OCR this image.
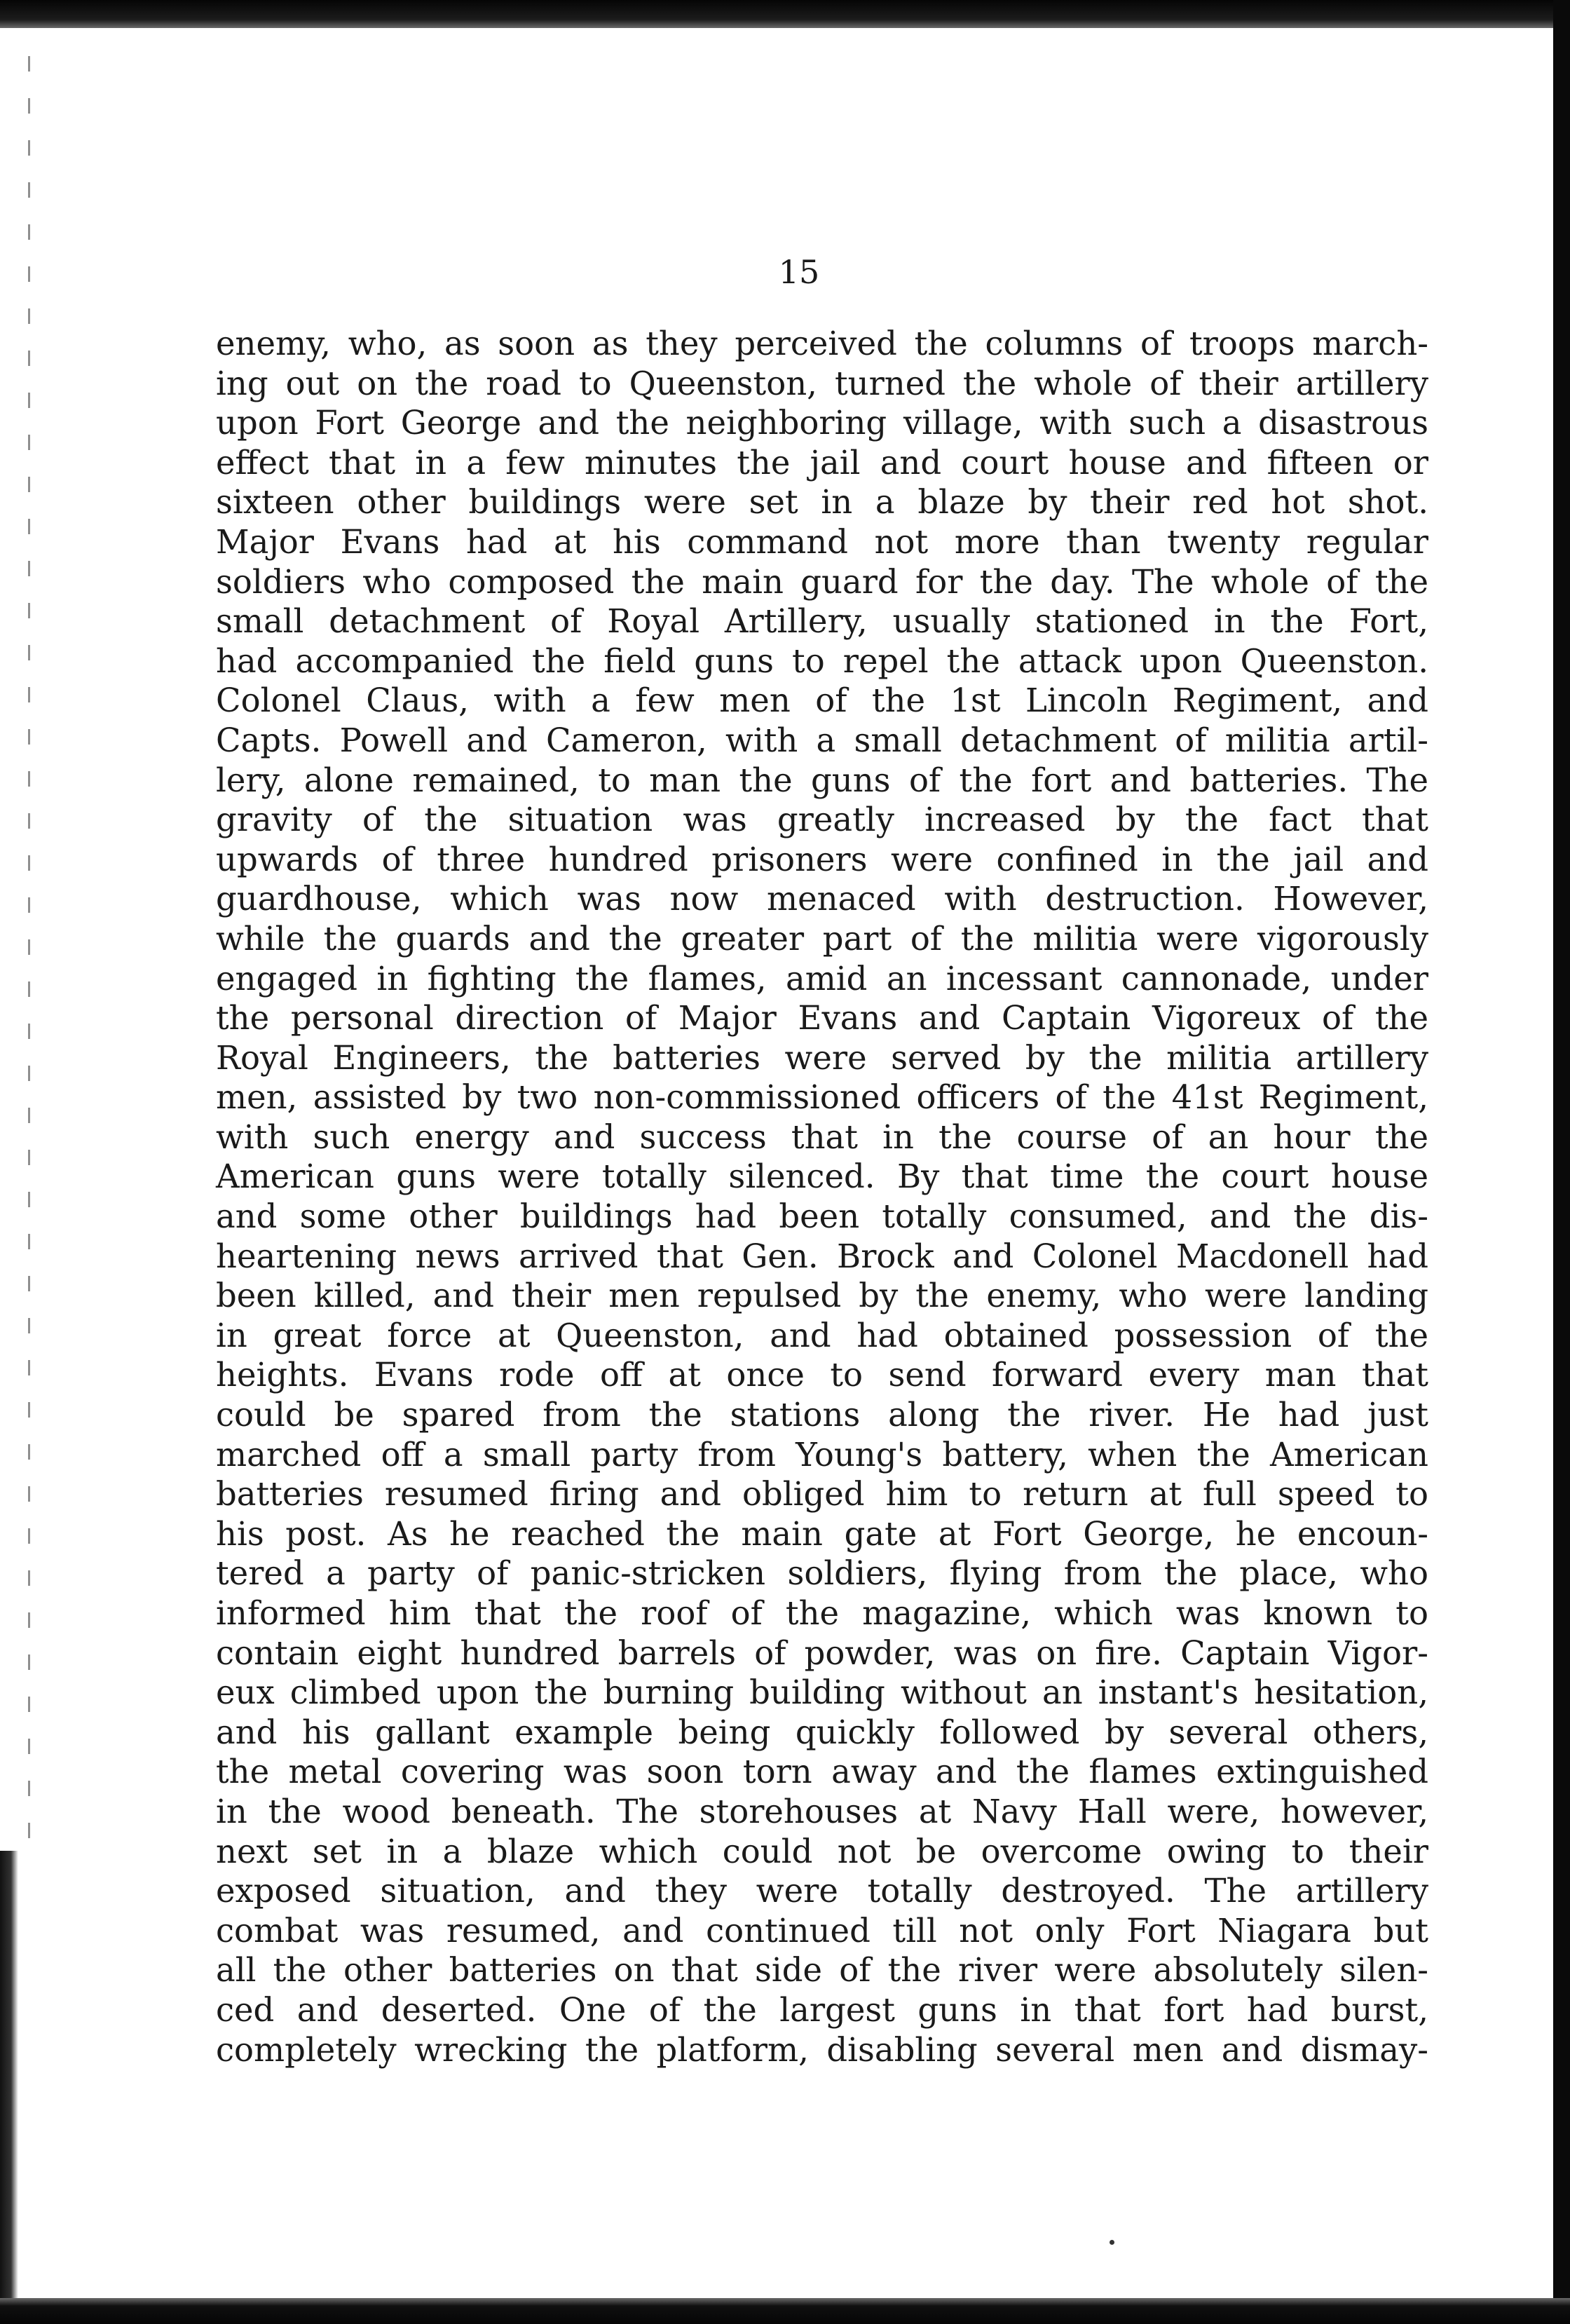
15
enemy, who, as soon as they perceived the columns of troops march-
ing out on the road to Queenston, turned the whole of their artillery
upon Fort George and the neighboring village, with such a disastrous
effect that in a few minutes the jail and court house and fifteen or
sixteen other buildings were set in a blaze by their red hot shot.
Major Evans had at his command not more than twenty regular
soldiers who composed the main guard for the day. The whole of the
small detachment of Royal Artillery, usually stationed in the Fort,
had accompanied the field guns to repel the attack upon Queenston.
Colonel Claus, with a few men of the 1st Lincoln Regiment, and
Capts. Powell and Cameron, with a small detachment of militia artil-
lery, alone remained, to man the guns of the fort and batteries. The
gravity of the situation was greatly increased by the fact that
upwards of three hundred prisoners were confined in the jail and
guardhouse, which was now menaced with destruction. However,
while the guards and the greater part of the militia were vigorously
engaged in fighting the flames, amid an incessant cannonade, under
the personal direction of Major Evans and Captain Vigoreux of the
Royal Engineers, the batteries were served by the militia artillery
men, assisted by two non-commissioned officers of the 41st Regiment,
with such energy and success that in the course of an hour the
American guns were totally silenced. By that time the court house
and some other buildings had been totally consumed, and the dis-
heartening news arrived that Gen. Brock and Colonel Macdonell had
been killed, and their men repulsed by the enemy, who were landing
in great force at Queenston, and had obtained possession of the
heights. Evans rode off at once to send forward every man that
could be spared from the stations along the river. He had just
marched off a small party from Young's battery, when the American
batteries resumed firing and obliged him to return at full speed to
his post. As he reached the main gate at Fort George, he encoun-
tered a party of panic-stricken soldiers, flying from the place, who
informed him that the roof of the magazine, which was known to
contain eight hundred barrels of powder, was on fire. Captain Vigor-
eux climbed upon the burning building without an instant's hesitation,
and his gallant example being quickly followed by several others,
the metal covering was soon torn away and the flames extinguished
in the wood beneath. The storehouses at Navy Hall were, however,
next set in a blaze which could not be overcome owing to their
exposed situation, and they were totally destroyed. The artillery
combat was resumed, and continued till not only Fort Niagara but
all the other batteries on that side of the river were absolutely silen-
ced and deserted. One of the largest guns in that fort had burst,
completely wrecking the platform, disabling several men and dismay-
